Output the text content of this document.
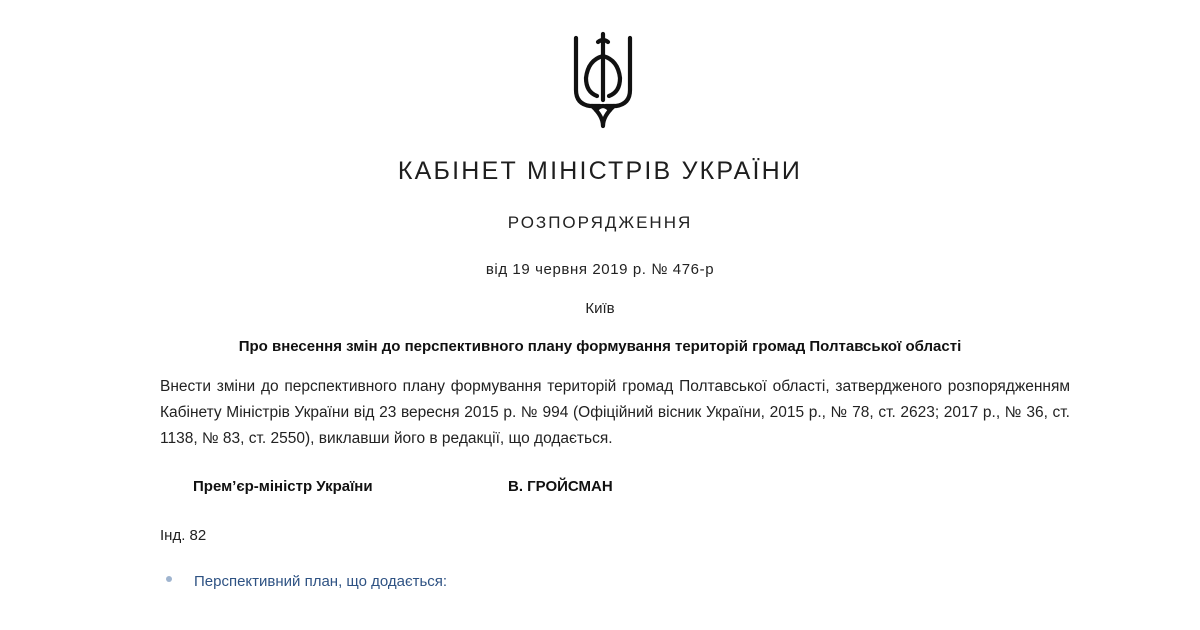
КАБІНЕТ МІНІСТРІВ УКРАЇНИ
РОЗПОРЯДЖЕННЯ
від 19 червня 2019 р. № 476-р
Київ
Про внесення змін до перспективного плану формування територій громад Полтавської області
Внести зміни до перспективного плану формування територій громад Полтавської області, затвердженого розпорядженням Кабінету Міністрів України від 23 вересня 2015 р. № 994 (Офіційний вісник України, 2015 р., № 78, ст. 2623; 2017 р., № 36, ст. 1138, № 83, ст. 2550), виклавши його в редакції, що додається.
Прем’єр-міністр України	В. ГРОЙСМАН
Інд. 82
Перспективний план, що додається:
